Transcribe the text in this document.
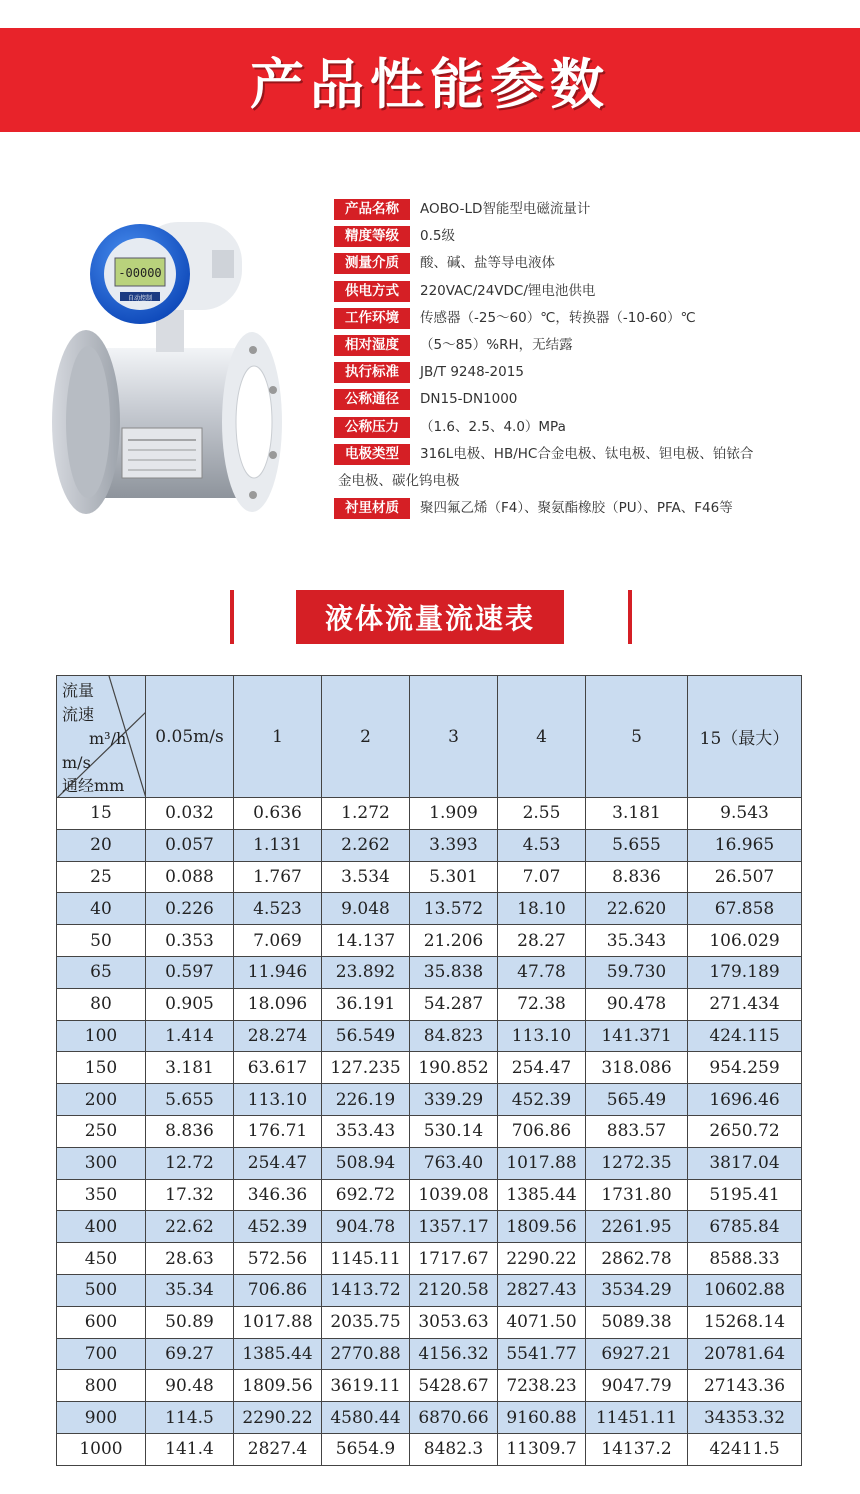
产品性能参数
-00000
自动控制
产品名称	AOBO-LD智能型电磁流量计
精度等级	0.5级
测量介质	酸、碱、盐等导电液体
供电方式	220VAC/24VDC/锂电池供电
工作环境	传感器（-25～60）℃，转换器（-10-60）℃
相对湿度	（5～85）%RH，无结露
执行标准	JB/T 9248-2015
公称通径	DN15-DN1000
公称压力	（1.6、2.5、4.0）MPa
电极类型	316L电极、HB/HC合金电极、钛电极、钽电极、铂铱合
金电极、碳化钨电极
衬里材质	聚四氟乙烯（F4）、聚氨酯橡胶（PU）、PFA、F46等
液体流量流速表
流量
流速
m³/h
m/s
通经mm	0.05m/s	1	2	3	4	5	15（最大）
15	0.032	0.636	1.272	1.909	2.55	3.181	9.543
20	0.057	1.131	2.262	3.393	4.53	5.655	16.965
25	0.088	1.767	3.534	5.301	7.07	8.836	26.507
40	0.226	4.523	9.048	13.572	18.10	22.620	67.858
50	0.353	7.069	14.137	21.206	28.27	35.343	106.029
65	0.597	11.946	23.892	35.838	47.78	59.730	179.189
80	0.905	18.096	36.191	54.287	72.38	90.478	271.434
100	1.414	28.274	56.549	84.823	113.10	141.371	424.115
150	3.181	63.617	127.235	190.852	254.47	318.086	954.259
200	5.655	113.10	226.19	339.29	452.39	565.49	1696.46
250	8.836	176.71	353.43	530.14	706.86	883.57	2650.72
300	12.72	254.47	508.94	763.40	1017.88	1272.35	3817.04
350	17.32	346.36	692.72	1039.08	1385.44	1731.80	5195.41
400	22.62	452.39	904.78	1357.17	1809.56	2261.95	6785.84
450	28.63	572.56	1145.11	1717.67	2290.22	2862.78	8588.33
500	35.34	706.86	1413.72	2120.58	2827.43	3534.29	10602.88
600	50.89	1017.88	2035.75	3053.63	4071.50	5089.38	15268.14
700	69.27	1385.44	2770.88	4156.32	5541.77	6927.21	20781.64
800	90.48	1809.56	3619.11	5428.67	7238.23	9047.79	27143.36
900	114.5	2290.22	4580.44	6870.66	9160.88	11451.11	34353.32
1000	141.4	2827.4	5654.9	8482.3	11309.7	14137.2	42411.5
